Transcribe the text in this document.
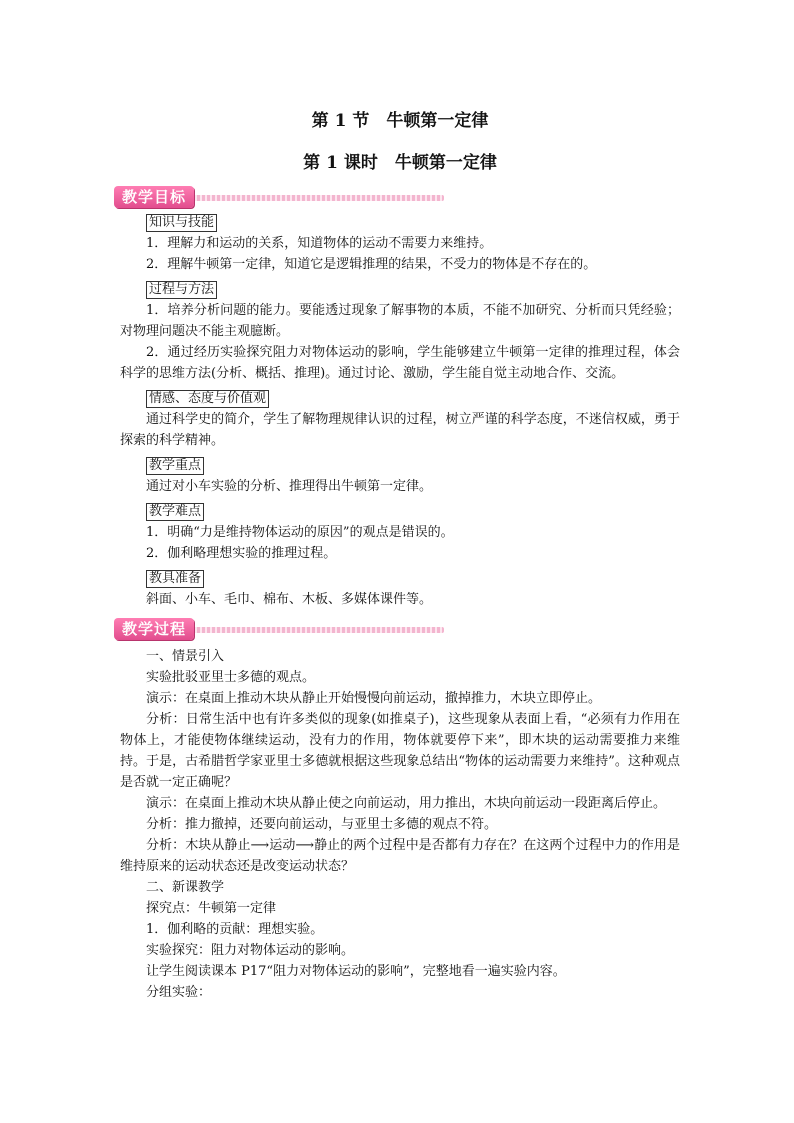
第 1 节　牛顿第一定律
第 1 课时　牛顿第一定律
教学目标
知识与技能

1．理解力和运动的关系，知道物体的运动不需要力来维持。

2．理解牛顿第一定律，知道它是逻辑推理的结果，不受力的物体是不存在的。

过程与方法

1．培养分析问题的能力。要能透过现象了解事物的本质，不能不加研究、分析而只凭经验；对物理问题决不能主观臆断。

2．通过经历实验探究阻力对物体运动的影响，学生能够建立牛顿第一定律的推理过程，体会科学的思维方法(分析、概括、推理)。通过讨论、激励，学生能自觉主动地合作、交流。

情感、态度与价值观

通过科学史的简介，学生了解物理规律认识的过程，树立严谨的科学态度，不迷信权威，勇于探索的科学精神。

教学重点

通过对小车实验的分析、推理得出牛顿第一定律。

教学难点

1．明确“力是维持物体运动的原因”的观点是错误的。

2．伽利略理想实验的推理过程。

教具准备

斜面、小车、毛巾、棉布、木板、多媒体课件等。

教学过程

一、情景引入

实验批驳亚里士多德的观点。

演示：在桌面上推动木块从静止开始慢慢向前运动，撤掉推力，木块立即停止。

分析：日常生活中也有许多类似的现象(如推桌子)，这些现象从表面上看，“必须有力作用在物体上，才能使物体继续运动，没有力的作用，物体就要停下来”，即木块的运动需要推力来维持。于是，古希腊哲学家亚里士多德就根据这些现象总结出“物体的运动需要力来维持”。这种观点是否就一定正确呢？

演示：在桌面上推动木块从静止使之向前运动，用力推出，木块向前运动一段距离后停止。

分析：推力撤掉，还要向前运动，与亚里士多德的观点不符。

分析：木块从静止⟶运动⟶静止的两个过程中是否都有力存在？在这两个过程中力的作用是维持原来的运动状态还是改变运动状态？

二、新课教学

探究点：牛顿第一定律

1．伽利略的贡献：理想实验。

实验探究：阻力对物体运动的影响。

让学生阅读课本 P17“阻力对物体运动的影响”，完整地看一遍实验内容。

分组实验：
